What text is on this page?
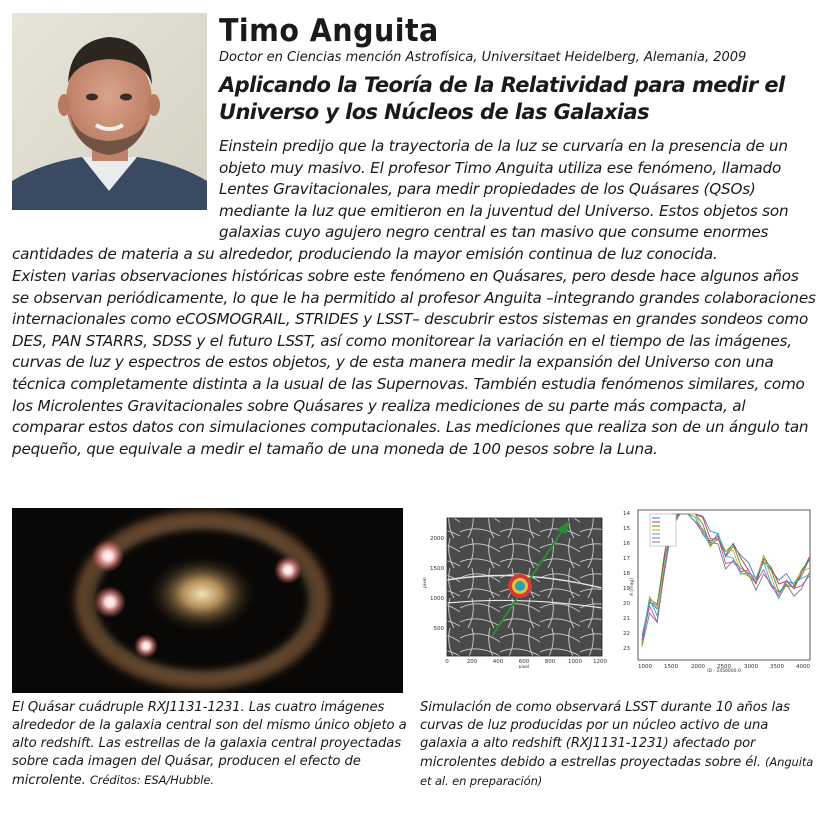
Timo Anguita
Doctor en Ciencias mención Astrofísica, Universitaet Heidelberg, Alemania, 2009
Aplicando la Teoría de la Relatividad para medir el Universo y los Núcleos de las Galaxias
Einstein predijo que la trayectoria de la luz se curvaría en la presencia de un objeto muy masivo. El profesor Timo Anguita utiliza ese fenómeno, llamado Lentes Gravitacionales, para medir propiedades de los Quásares (QSOs) mediante la luz que emitieron en la juventud del Universo. Estos objetos son galaxias cuyo agujero negro central es tan masivo que consume enormes
cantidades de materia a su alrededor, produciendo la mayor emisión continua de luz conocida.
Existen varias observaciones históricas sobre este fenómeno en Quásares, pero desde hace algunos años se observan periódicamente, lo que le ha permitido al profesor Anguita –integrando grandes colaboraciones internacionales como eCOSMOGRAIL, STRIDES y LSST– descubrir estos sistemas en grandes sondeos como DES, PAN STARRS, SDSS y el futuro LSST, así como monitorear la variación en el tiempo de las imágenes, curvas de luz y espectros de estos objetos, y de esta manera medir la expansión del Universo con una técnica completamente distinta a la usual de las Supernovas. También estudia fenómenos similares, como los Microlentes Gravitacionales sobre Quásares y realiza mediciones de su parte más compacta, al comparar estos datos con simulaciones computacionales. Las mediciones que realiza son de un ángulo tan pequeño, que equivale a medir el tamaño de una moneda de 100 pesos sobre la Luna.
0	200	400	600	800 1000 1200
500
1000
1500
2000
pixel
pixel
1000 1500 2000 2500 3000 3500 4000
14
15
16
17
18
19
20
21
22
23
JD - 2450000.0
A [mag]
El Quásar cuádruple RXJ1131-1231. Las cuatro imágenes alrededor de la galaxia central son del mismo único objeto a alto redshift. Las estrellas de la galaxia central proyectadas sobre cada imagen del Quásar, producen el efecto de microlente. Créditos: ESA/Hubble.
Simulación de como observará LSST durante 10 años las curvas de luz producidas por un núcleo activo de una galaxia a alto redshift (RXJ1131-1231) afectado por microlentes debido a estrellas proyectadas sobre él. (Anguita et al. en preparación)
